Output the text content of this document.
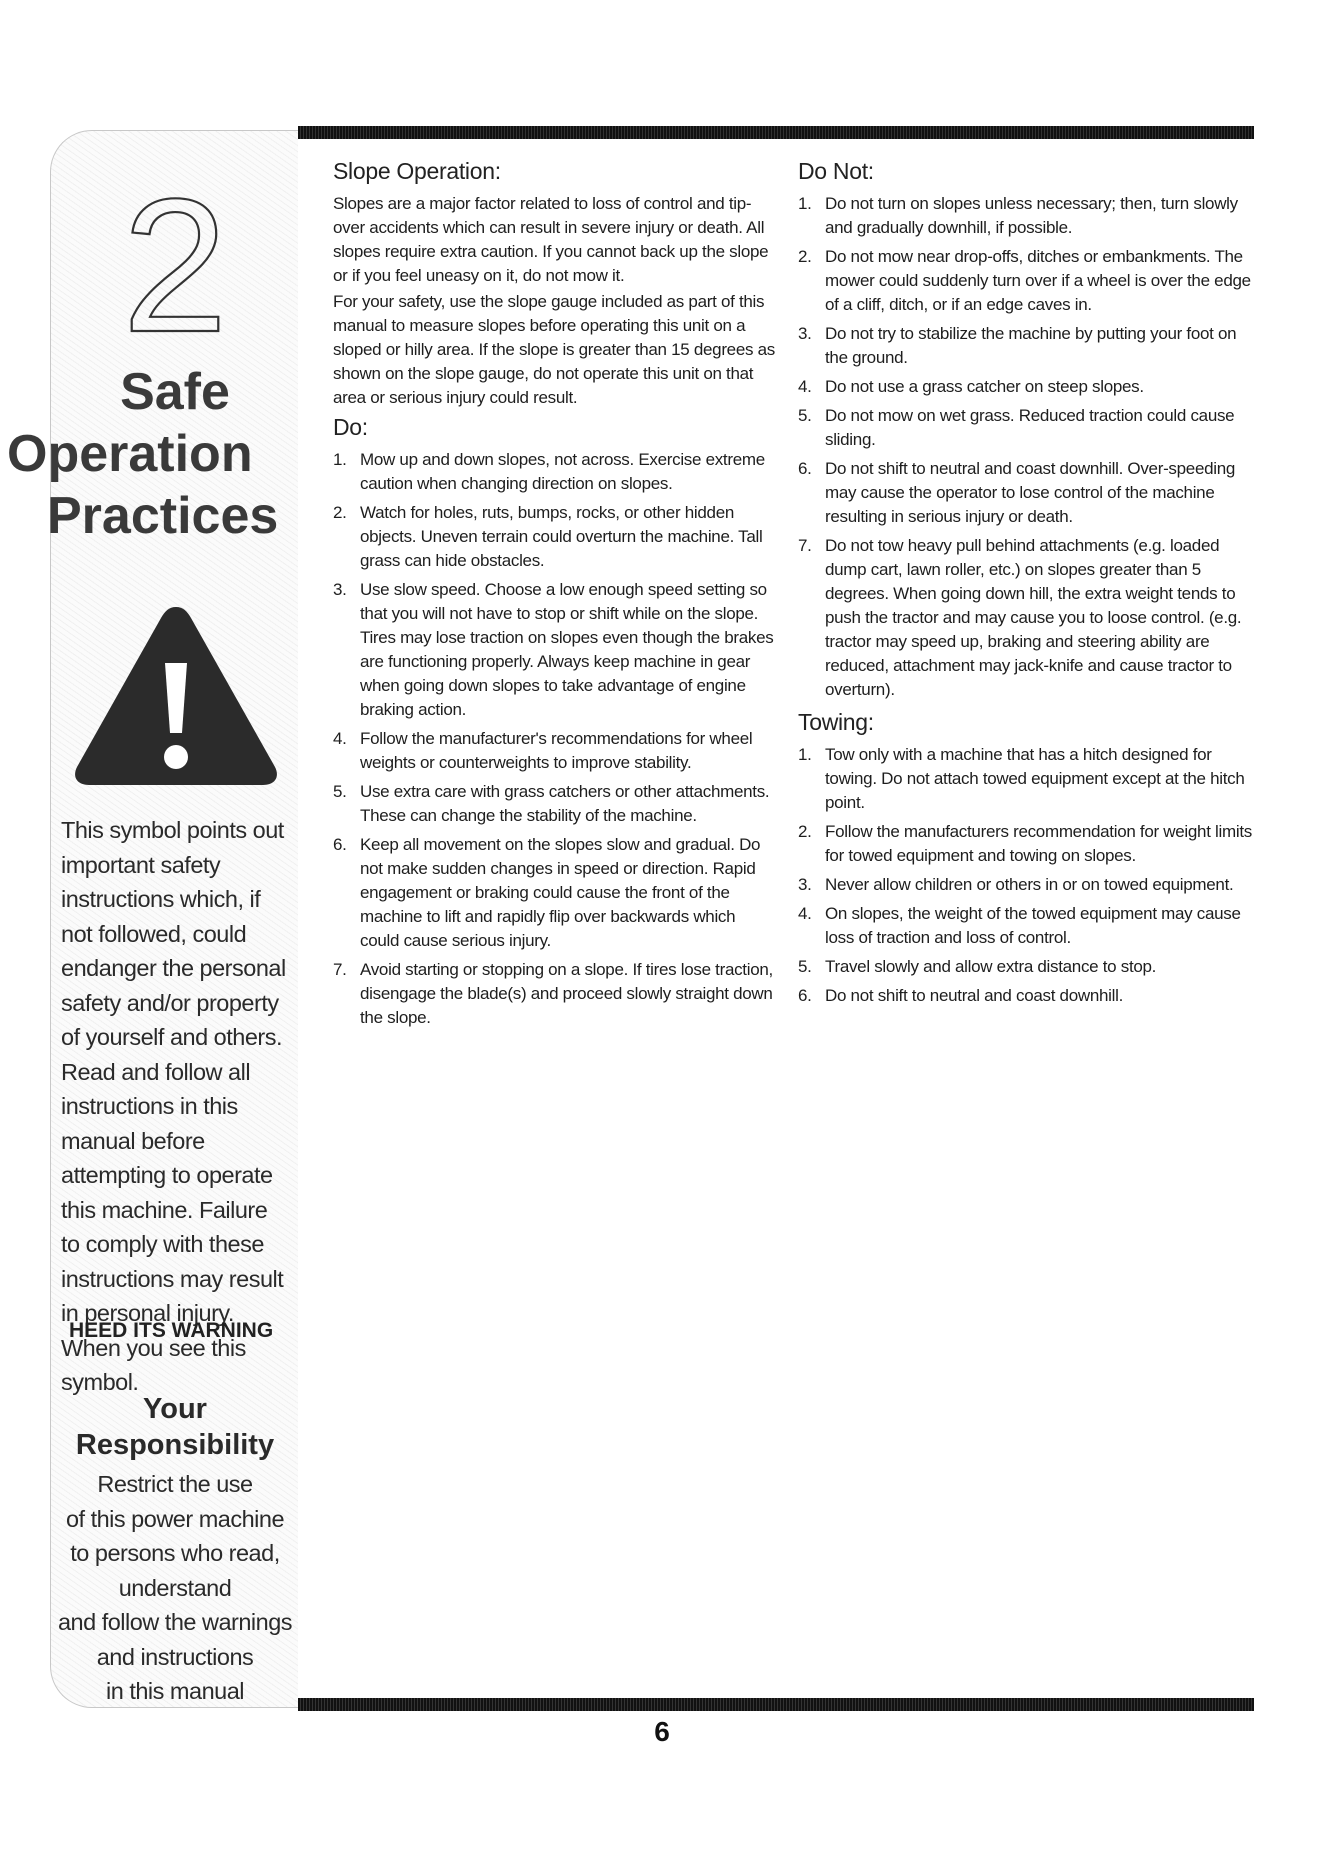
2
Safe
Operation
Practices
This symbol points out important safety instructions which, if not followed, could endanger the personal safety and/or property of yourself and others. Read and follow all instructions in this manual before attempting to operate this machine. Failure to comply with these instructions may result in personal injury. When you see this symbol.
HEED ITS WARNING
Your
Responsibility
Restrict the use
of this power machine
to persons who read,
understand
and follow the warnings
and instructions
in this manual
Slope Operation:

Slopes are a major factor related to loss of control and tip-over accidents which can result in severe injury or death. All slopes require extra caution. If you cannot back up the slope or if you feel uneasy on it, do not mow it.

For your safety, use the slope gauge included as part of this manual to measure slopes before operating this unit on a sloped or hilly area. If the slope is greater than 15 degrees as shown on the slope gauge, do not operate this unit on that area or serious injury could result.

Do:
1. Mow up and down slopes, not across. Exercise extreme caution when changing direction on slopes.
2. Watch for holes, ruts, bumps, rocks, or other hidden objects. Uneven terrain could overturn the machine. Tall grass can hide obstacles.
3. Use slow speed. Choose a low enough speed setting so that you will not have to stop or shift while on the slope. Tires may lose traction on slopes even though the brakes are functioning properly. Always keep machine in gear when going down slopes to take advantage of engine braking action.
4. Follow the manufacturer's recommendations for wheel weights or counterweights to improve stability.
5. Use extra care with grass catchers or other attachments. These can change the stability of the machine.
6. Keep all movement on the slopes slow and gradual. Do not make sudden changes in speed or direction. Rapid engagement or braking could cause the front of the machine to lift and rapidly flip over backwards which could cause serious injury.
7. Avoid starting or stopping on a slope. If tires lose traction, disengage the blade(s) and proceed slowly straight down the slope.
Do Not:
1. Do not turn on slopes unless necessary; then, turn slowly and gradually downhill, if possible.
2. Do not mow near drop-offs, ditches or embankments. The mower could suddenly turn over if a wheel is over the edge of a cliff, ditch, or if an edge caves in.
3. Do not try to stabilize the machine by putting your foot on the ground.
4. Do not use a grass catcher on steep slopes.
5. Do not mow on wet grass. Reduced traction could cause sliding.
6. Do not shift to neutral and coast downhill. Over-speeding may cause the operator to lose control of the machine resulting in serious injury or death.
7. Do not tow heavy pull behind attachments (e.g. loaded dump cart, lawn roller, etc.) on slopes greater than 5 degrees. When going down hill, the extra weight tends to push the tractor and may cause you to loose control. (e.g. tractor may speed up, braking and steering ability are reduced, attachment may jack-knife and cause tractor to overturn).
Towing:
1. Tow only with a machine that has a hitch designed for towing. Do not attach towed equipment except at the hitch point.
2. Follow the manufacturers recommendation for weight limits for towed equipment and towing on slopes.
3. Never allow children or others in or on towed equipment.
4. On slopes, the weight of the towed equipment may cause loss of traction and loss of control.
5. Travel slowly and allow extra distance to stop.
6. Do not shift to neutral and coast downhill.
6
